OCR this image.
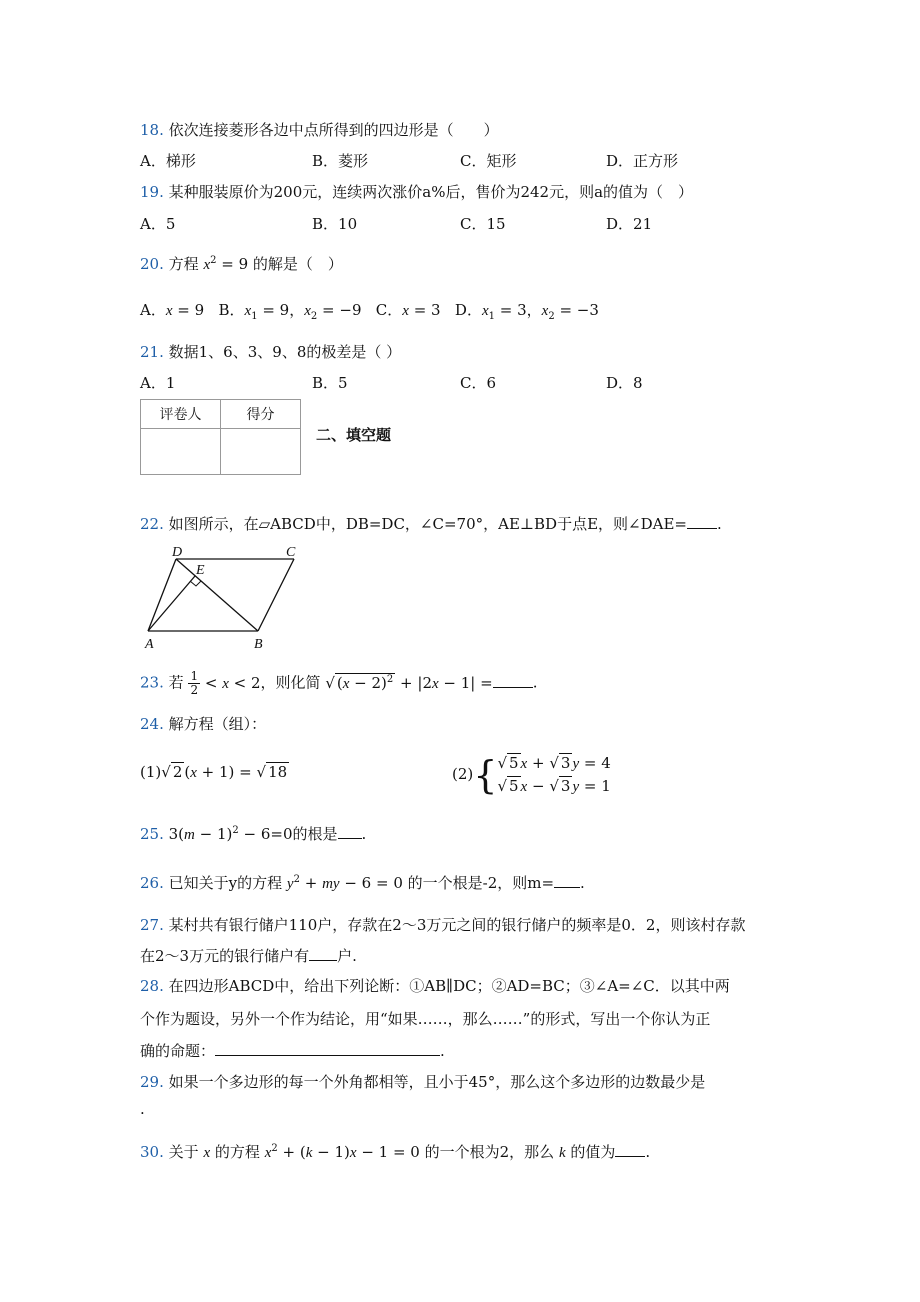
18. 依次连接菱形各边中点所得到的四边形是（　　）
A．梯形	B．菱形	C．矩形	D．正方形
19. 某种服装原价为200元，连续两次涨价a%后，售价为242元，则a的值为（　）
A．5	B．10	C．15	D．21
20. 方程 $x^2 = 9$ 的解是（　）
A．x = 9 B．$x_1 = 9$，$x_2 = -9$ C．x = 3 D．$x_1 = 3$，$x_2 = -3$
21. 数据1、6、3、9、8的极差是（ ）
A．1	B．5	C．6	D．8
评卷人	得分

二、填空题
22. 如图所示，在▱ABCD中，DB=DC，∠C=70°，AE⊥BD于点E，则∠DAE= .
D	C
E
A	B
23. 若 $\frac{1}{2} < x < 2$，则化简 √ $(x - 2)^2 + |2x - 1|$ =	.
24. 解方程（组）：
(1)√ 2 (x + 1) = √ 18	(2){ √ 5 x + √ 3 y = 4
√ 5 x − √ 3 y = 1
25. $3(m - 1)^2 - 6=0$的根是 .
26. 已知关于y的方程 $y^2$ + my − 6 = 0 的一个根是-2，则m= .
27. 某村共有银行储户110户，存款在2～3万元之间的银行储户的频率是0．2，则该村存款
在2～3万元的银行储户有 户.
28. 在四边形ABCD中，给出下列论断：①AB∥DC；②AD=BC；③∠A=∠C．以其中两
个作为题设，另外一个作为结论，用“如果……，那么……”的形式，写出一个你认为正
确的命题：	.
29. 如果一个多边形的每一个外角都相等，且小于45°，那么这个多边形的边数最少是
.
30. 关于 x 的方程 $x^2 + (k - 1)x - 1 = 0$ 的一个根为2，那么 k 的值为 .
